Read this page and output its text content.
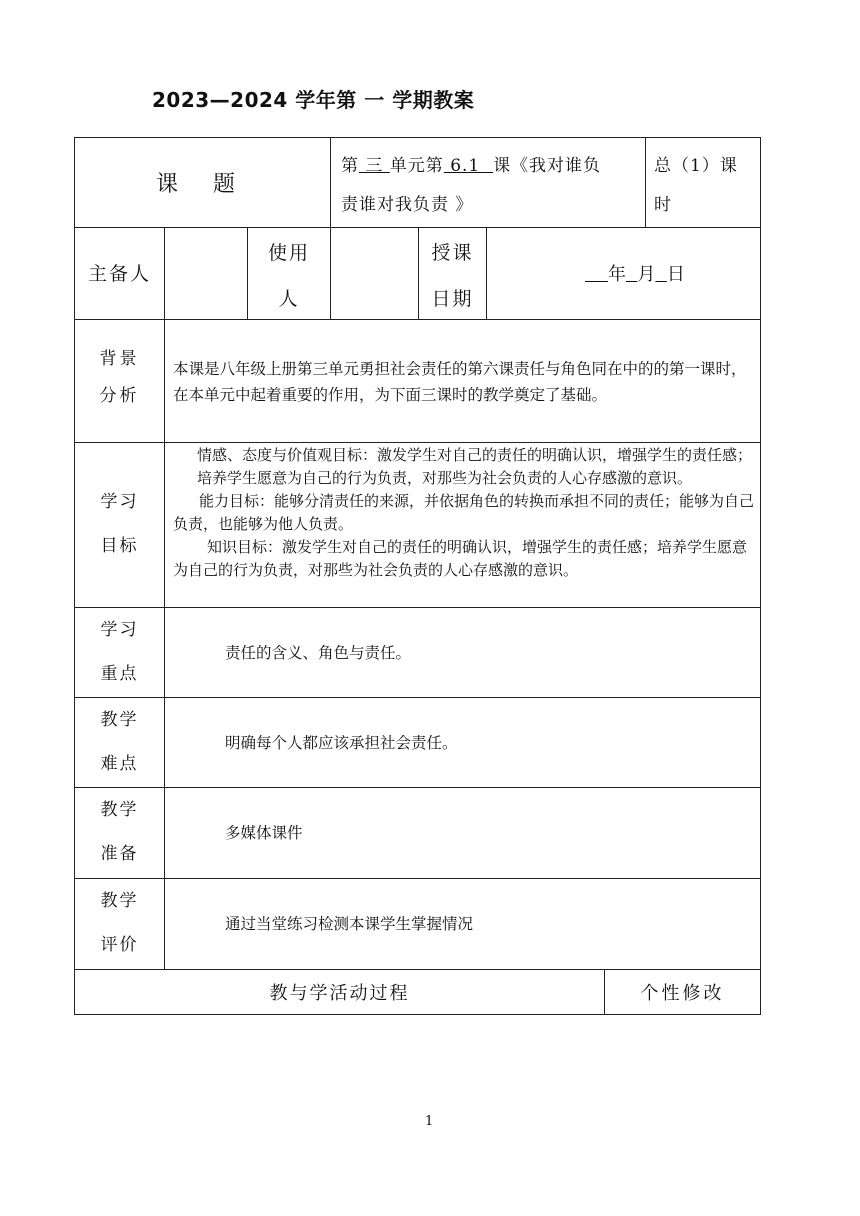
2023—2024 学年第 一 学期教案
课 题
第 三 单元第 6.1  课《我对谁负
责谁对我负责 》
总（1）课
时
主备人
使用
人
授课
日期

年 月 日

背景
分析
本课是八年级上册第三单元勇担社会责任的第六课责任与角色同在中的的第一课时，在本单元中起着重要的作用，为下面三课时的教学奠定了基础。
学习
目标
情感、态度与价值观目标：激发学生对自己的责任的明确认识，增强学生的责任感；培养学生愿意为自己的行为负责，对那些为社会负责的人心存感激的意识。
能力目标：能够分清责任的来源，并依据角色的转换而承担不同的责任；能够为自己负责，也能够为他人负责。
知识目标：激发学生对自己的责任的明确认识，增强学生的责任感；培养学生愿意为自己的行为负责，对那些为社会负责的人心存感激的意识。
学习
重点
责任的含义、角色与责任。
教学
难点
明确每个人都应该承担社会责任。
教学
准备
多媒体课件
教学
评价
通过当堂练习检测本课学生掌握情况
教与学活动过程	个性修改
1
